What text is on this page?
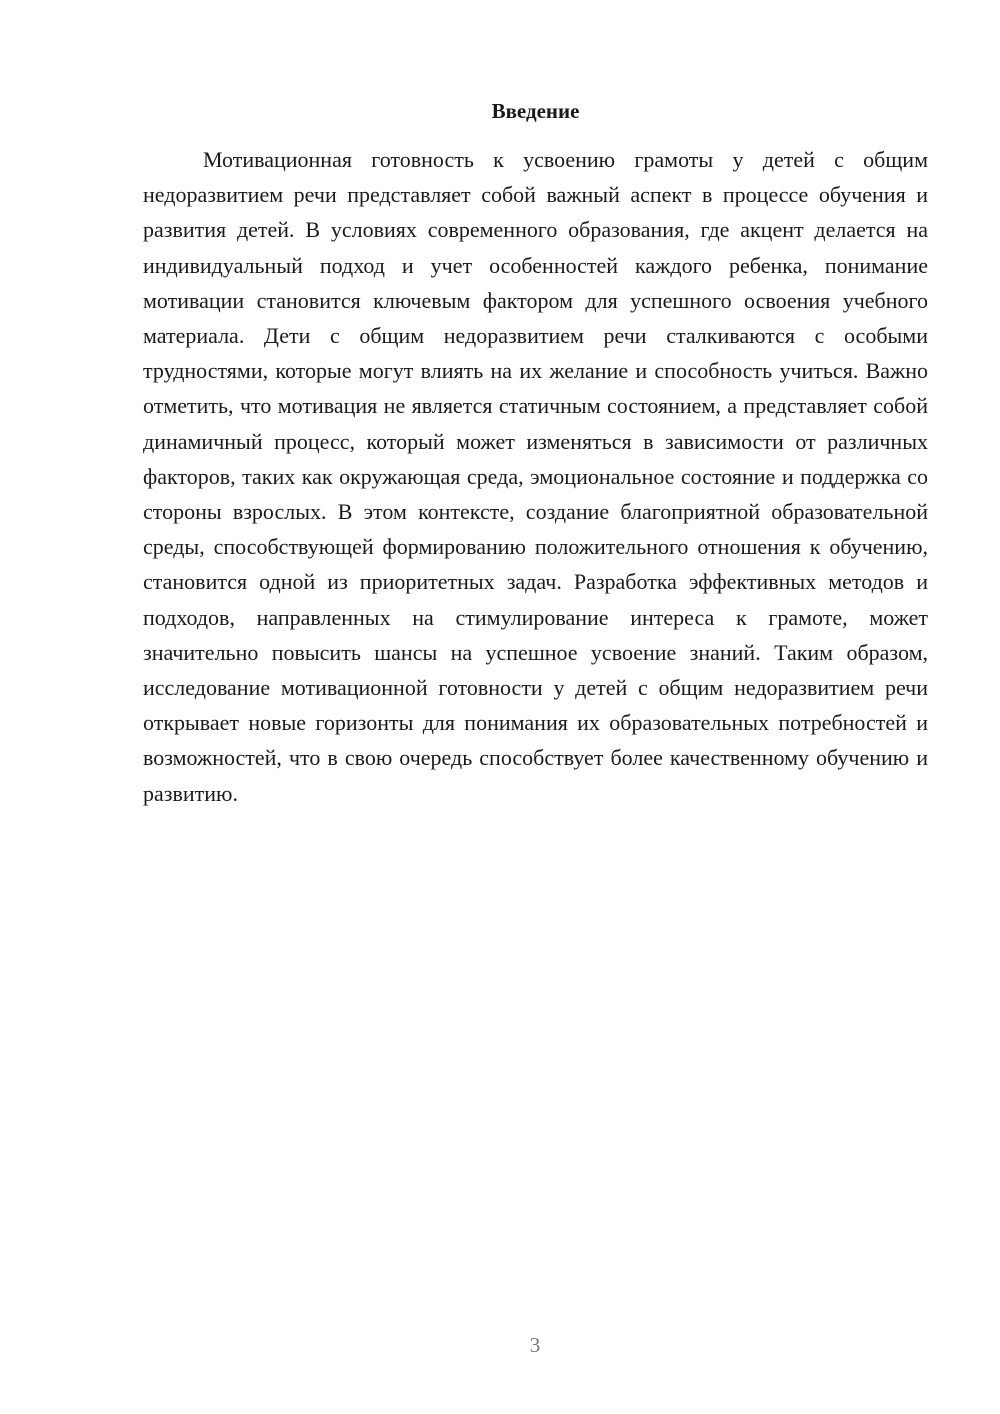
Введение

Мотивационная готовность к усвоению грамоты у детей с общим недоразвитием речи представляет собой важный аспект в процессе обучения и развития детей. В условиях современного образования, где акцент делается на индивидуальный подход и учет особенностей каждого ребенка, понимание мотивации становится ключевым фактором для успешного освоения учебного материала. Дети с общим недоразвитием речи сталкиваются с особыми трудностями, которые могут влиять на их желание и способность учиться. Важно отметить, что мотивация не является статичным состоянием, а представляет собой динамичный процесс, который может изменяться в зависимости от различных факторов, таких как окружающая среда, эмоциональное состояние и поддержка со стороны взрослых. В этом контексте, создание благоприятной образовательной среды, способствующей формированию положительного отношения к обучению, становится одной из приоритетных задач. Разработка эффективных методов и подходов, направленных на стимулирование интереса к грамоте, может значительно повысить шансы на успешное усвоение знаний. Таким образом, исследование мотивационной готовности у детей с общим недоразвитием речи открывает новые горизонты для понимания их образовательных потребностей и возможностей, что в свою очередь способствует более качественному обучению и развитию.

3
